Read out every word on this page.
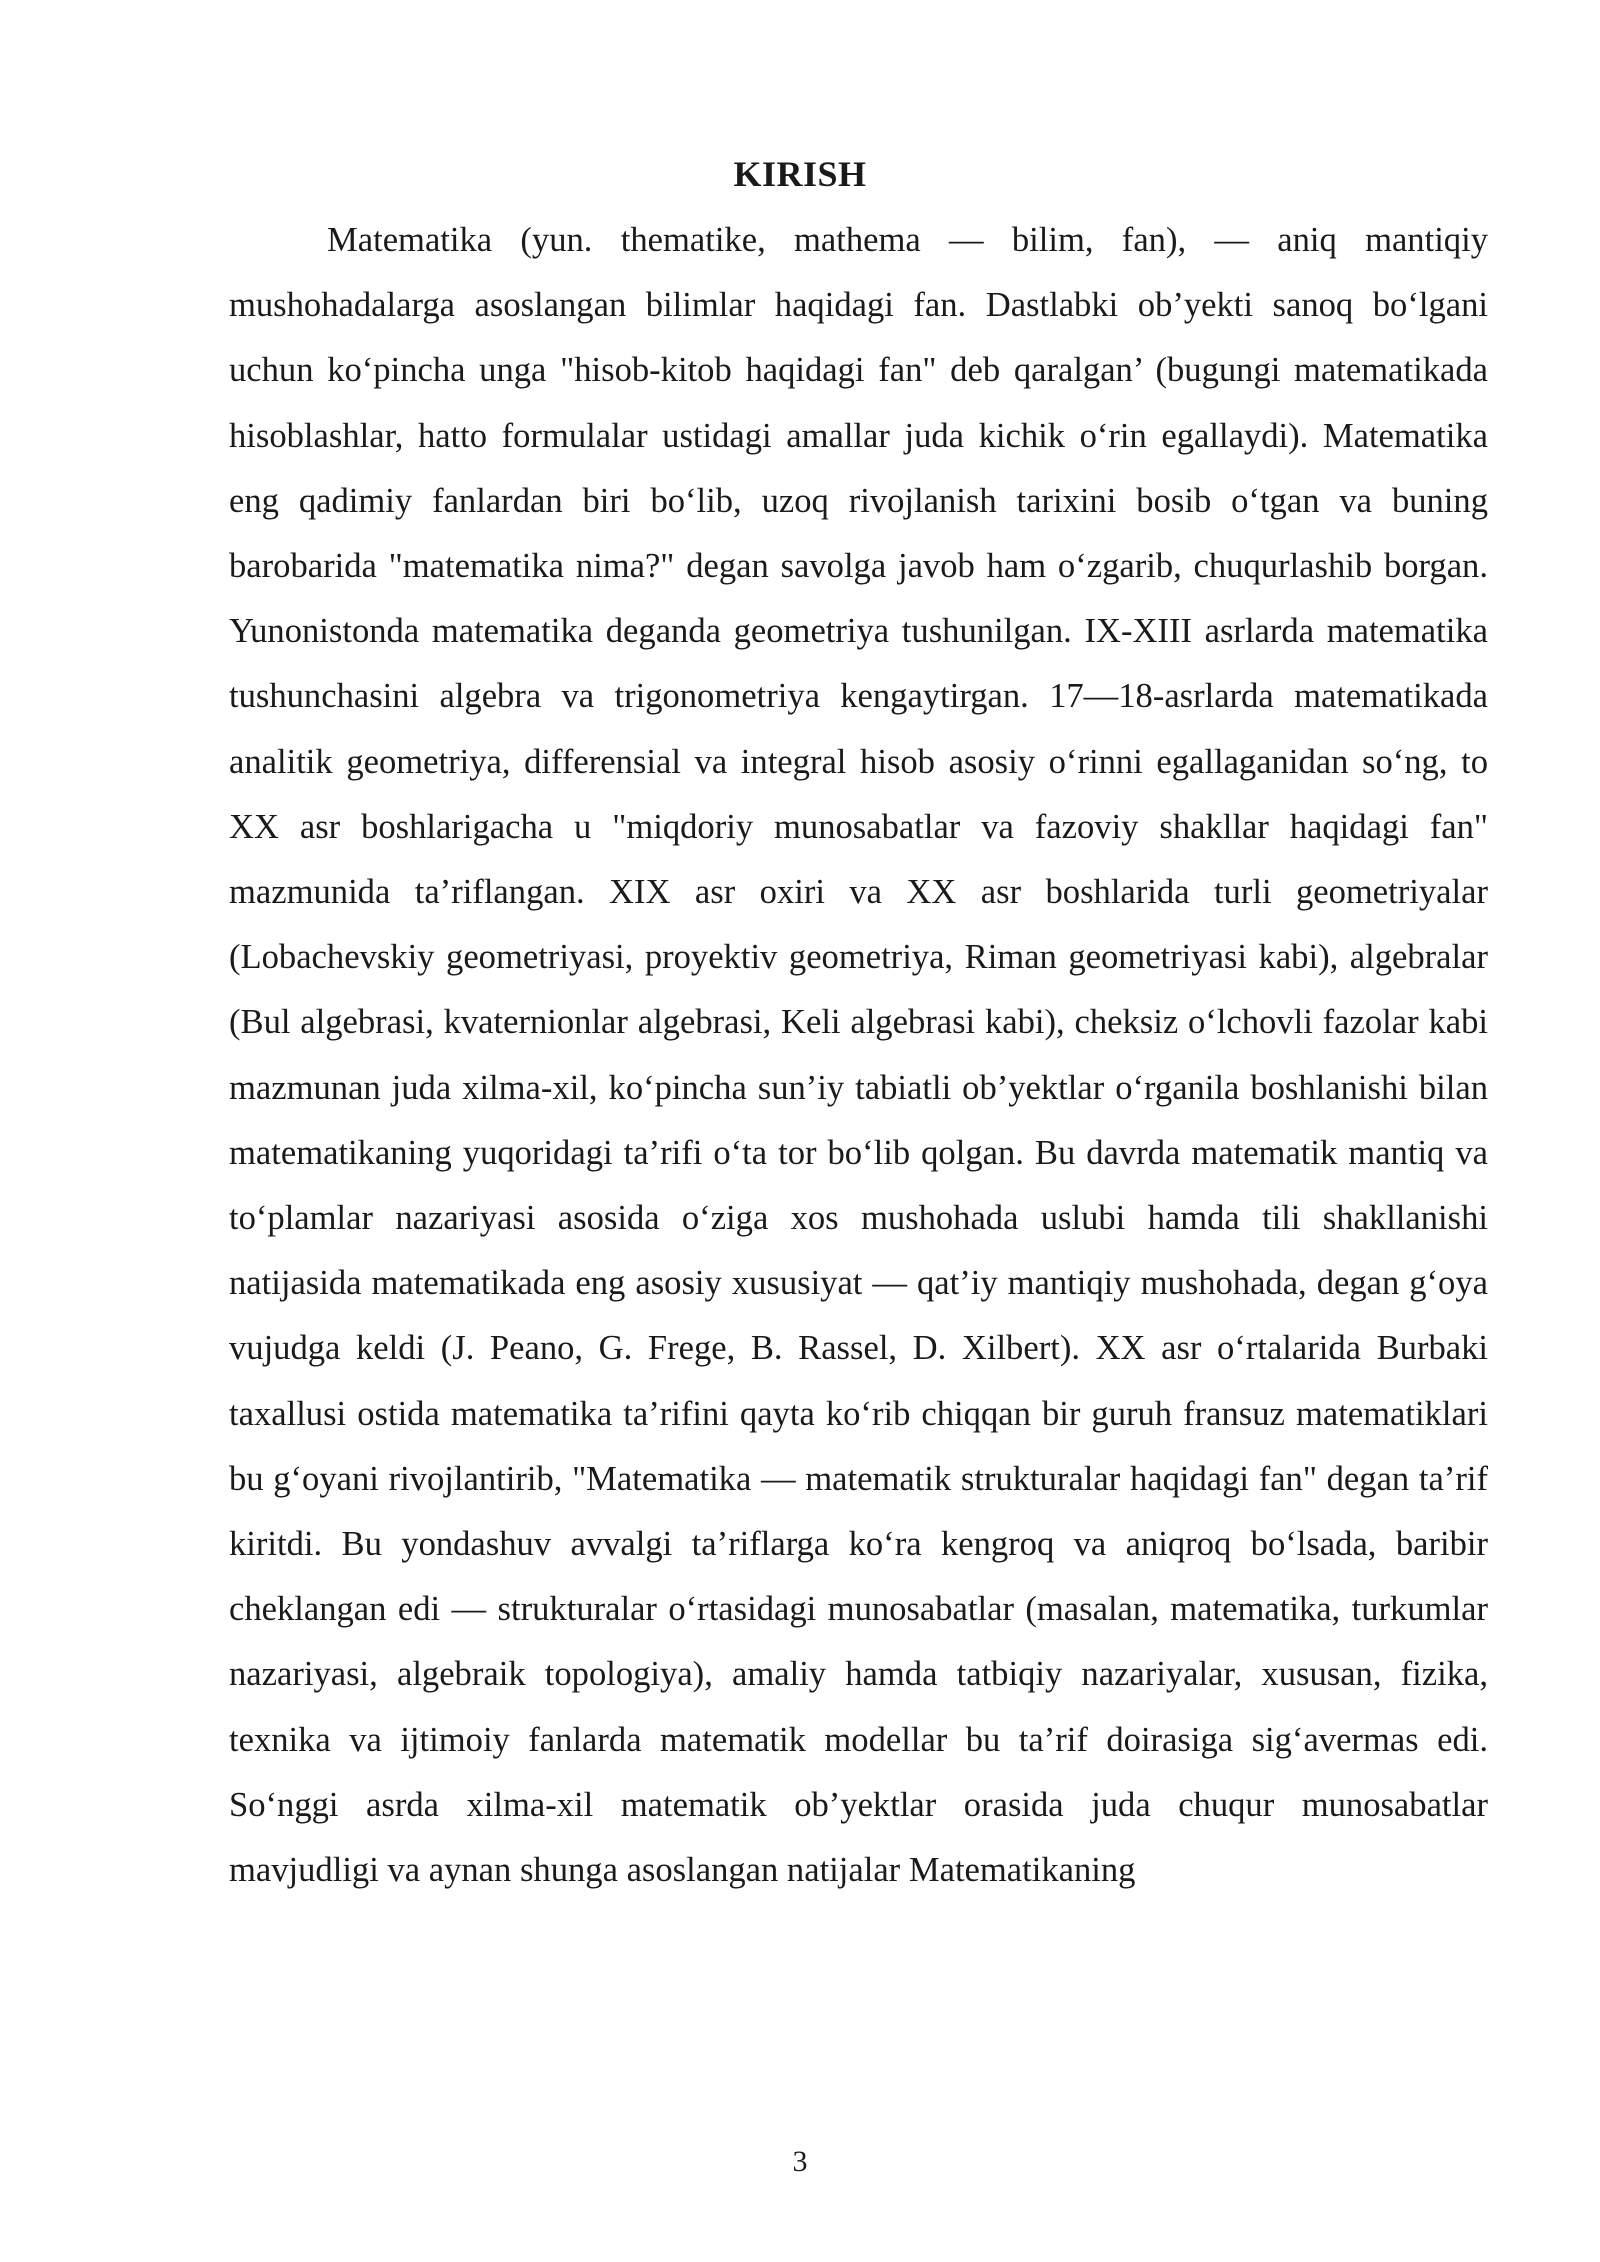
KIRISH

Matematika (yun. thematike, mathema — bilim, fan), — aniq mantiqiy mushohadalarga asoslangan bilimlar haqidagi fan. Dastlabki ob’yekti sanoq bo‘lgani uchun ko‘pincha unga "hisob-kitob haqidagi fan" deb qaralgan’ (bugungi matematikada hisoblashlar, hatto formulalar ustidagi amallar juda kichik o‘rin egallaydi). Matematika eng qadimiy fanlardan biri bo‘lib, uzoq rivojlanish tarixini bosib o‘tgan va buning barobarida "matematika nima?" degan savolga javob ham o‘zgarib, chuqurlashib borgan. Yunonistonda matematika deganda geometriya tushunilgan. IX-XIII asrlarda matematika tushunchasini algebra va trigonometriya kengaytirgan. 17—18-asrlarda matematikada analitik geometriya, differensial va integral hisob asosiy o‘rinni egallaganidan so‘ng, to XX asr boshlarigacha u "miqdoriy munosabatlar va fazoviy shakllar haqidagi fan" mazmunida ta’riflangan. XIX asr oxiri va XX asr boshlarida turli geometriyalar (Lobachevskiy geometriyasi, proyektiv geometriya, Riman geometriyasi kabi), algebralar (Bul algebrasi, kvaternionlar algebrasi, Keli algebrasi kabi), cheksiz o‘lchovli fazolar kabi mazmunan juda xilma-xil, ko‘pincha sun’iy tabiatli ob’yektlar o‘rganila boshlanishi bilan matematikaning yuqoridagi ta’rifi o‘ta tor bo‘lib qolgan. Bu davrda matematik mantiq va to‘plamlar nazariyasi asosida o‘ziga xos mushohada uslubi hamda tili shakllanishi natijasida matematikada eng asosiy xususiyat — qat’iy mantiqiy mushohada, degan g‘oya vujudga keldi (J. Peano, G. Frege, B. Rassel, D. Xilbert). XX asr o‘rtalarida Burbaki taxallusi ostida matematika ta’rifini qayta ko‘rib chiqqan bir guruh fransuz matematiklari bu g‘oyani rivojlantirib, "Matematika — matematik strukturalar haqidagi fan" degan ta’rif kiritdi. Bu yondashuv avvalgi ta’riflarga ko‘ra kengroq va aniqroq bo‘lsada, baribir cheklangan edi — strukturalar o‘rtasidagi munosabatlar (masalan, matematika, turkumlar nazariyasi, algebraik topologiya), amaliy hamda tatbiqiy nazariyalar, xususan, fizika, texnika va ijtimoiy fanlarda matematik modellar bu ta’rif doirasiga sig‘avermas edi. So‘nggi asrda xilma-xil matematik ob’yektlar orasida juda chuqur munosabatlar mavjudligi va aynan shunga asoslangan natijalar Matematikaning

3
